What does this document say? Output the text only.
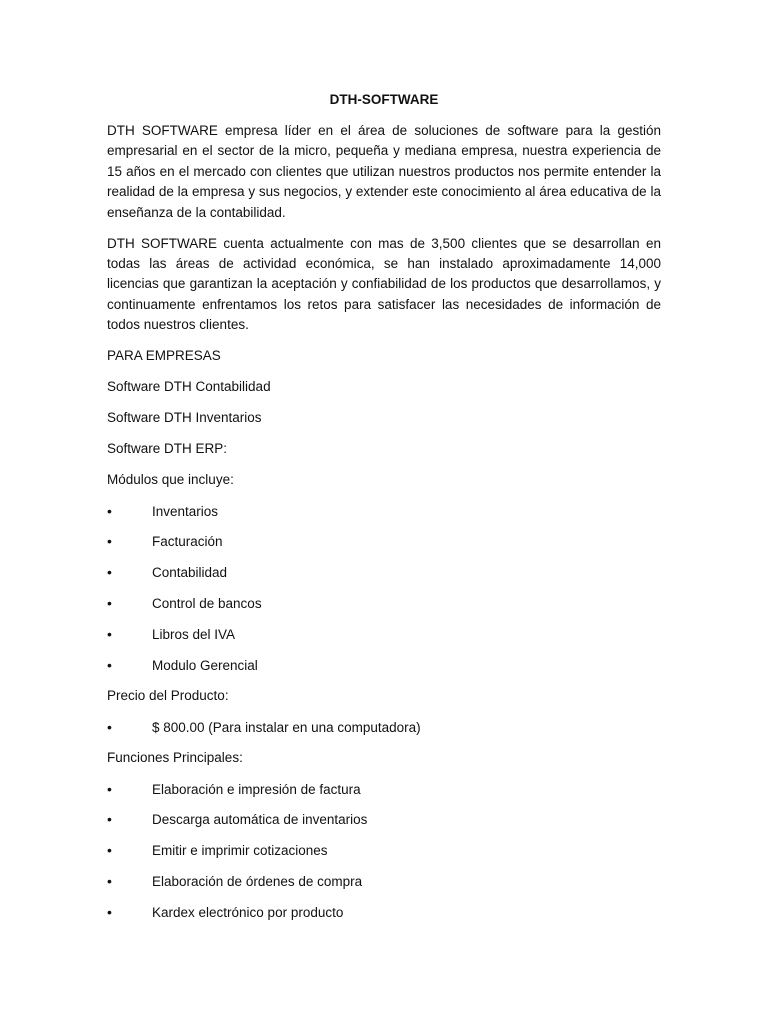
DTH-SOFTWARE

DTH SOFTWARE empresa líder en el área de soluciones de software para la gestión empresarial en el sector de la micro, pequeña y mediana empresa, nuestra experiencia de 15 años en el mercado con clientes que utilizan nuestros productos nos permite entender la realidad de la empresa y sus negocios, y extender este conocimiento al área educativa de la enseñanza de la contabilidad.

DTH SOFTWARE cuenta actualmente con mas de 3,500 clientes que se desarrollan en todas las áreas de actividad económica, se han instalado aproximadamente 14,000 licencias que garantizan la aceptación y confiabilidad de los productos que desarrollamos, y continuamente enfrentamos los retos para satisfacer las necesidades de información de todos nuestros clientes.

PARA EMPRESAS

Software DTH Contabilidad

Software DTH Inventarios

Software DTH ERP:

Módulos que incluye:

•	Inventarios
•	Facturación
•	Contabilidad
•	Control de bancos
•	Libros del IVA
•	Modulo Gerencial

Precio del Producto:

•	$ 800.00 (Para instalar en una computadora)

Funciones Principales:

•	Elaboración e impresión de factura
•	Descarga automática de inventarios
•	Emitir e imprimir cotizaciones
•	Elaboración de órdenes de compra
•	Kardex electrónico por producto
